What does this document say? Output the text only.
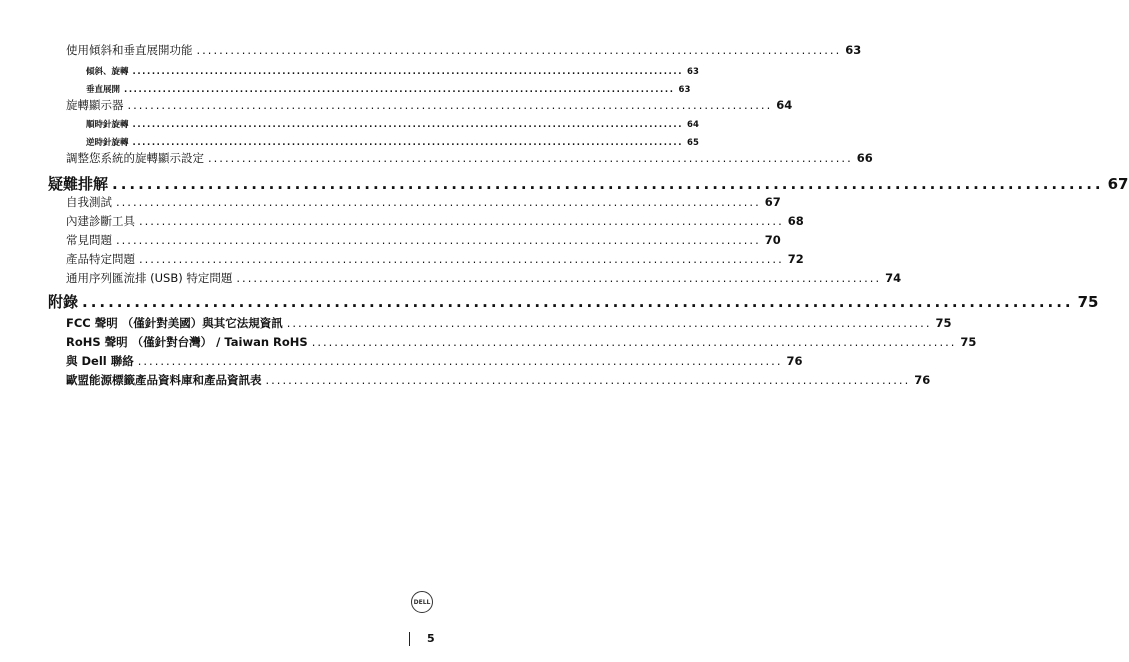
使用傾斜和垂直展開功能 .................................................................................................................. 63
傾斜、旋轉 .................................................................................................................. 63
垂直展開 .................................................................................................................. 63
旋轉顯示器 .................................................................................................................. 64
順時針旋轉 .................................................................................................................. 64
逆時針旋轉 .................................................................................................................. 65
調整您系統的旋轉顯示設定 .................................................................................................................. 66
疑難排解 .................................................................................................................. 67
自我測試 .................................................................................................................. 67
內建診斷工具 .................................................................................................................. 68
常見問題 .................................................................................................................. 70
產品特定問題 .................................................................................................................. 72
通用序列匯流排 (USB) 特定問題 .................................................................................................................. 74
附錄 .................................................................................................................. 75
FCC 聲明 （僅針對美國）與其它法規資訊 .................................................................................................................. 75
RoHS 聲明 （僅針對台灣） / Taiwan RoHS .................................................................................................................. 75
與 Dell 聯絡 .................................................................................................................. 76
歐盟能源標籤產品資料庫和產品資訊表 .................................................................................................................. 76
DELL
5
